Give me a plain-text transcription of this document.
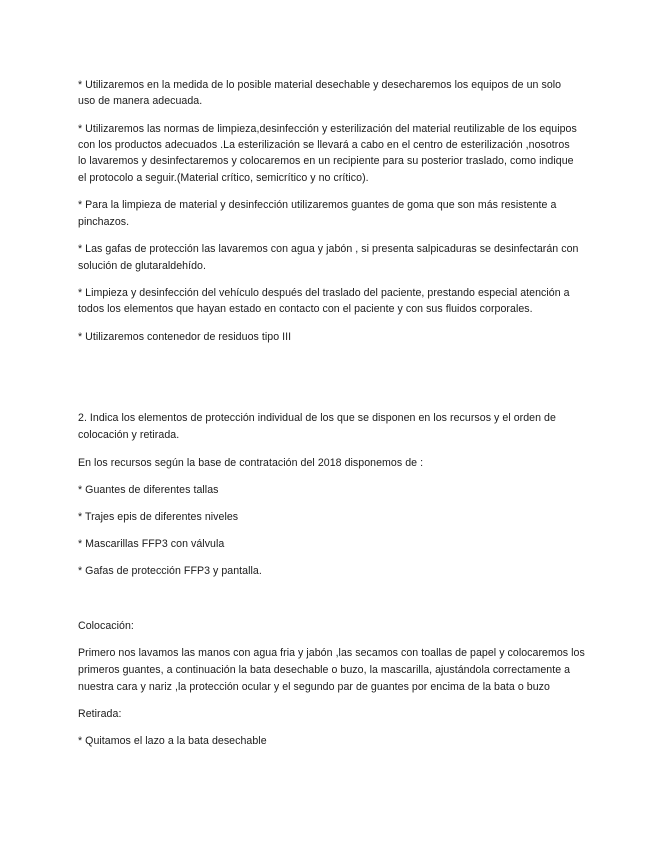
* Utilizaremos en la medida de lo posible material desechable y desecharemos los equipos de un solo
uso de manera adecuada.
* Utilizaremos las normas de limpieza,desinfección y esterilización del material reutilizable de los equipos
con los productos adecuados .La esterilización se llevará a cabo en el centro de esterilización ,nosotros
lo lavaremos y desinfectaremos y colocaremos en un recipiente para su posterior traslado, como indique
el protocolo a seguir.(Material crítico, semicrítico y no crítico).
* Para la limpieza de material y desinfección utilizaremos guantes de goma que son más resistente a
pinchazos.
* Las gafas de protección las lavaremos con agua y jabón , si presenta salpicaduras se desinfectarán con
solución de glutaraldehído.
* Limpieza y desinfección del vehículo después del traslado del paciente, prestando especial atención a
todos los elementos que hayan estado en contacto con el paciente y con sus fluidos corporales.
* Utilizaremos contenedor de residuos tipo III
2. Indica los elementos de protección individual de los que se disponen en los recursos y el orden de
colocación y retirada.
En los recursos según la base de contratación del 2018 disponemos de :
* Guantes de diferentes tallas
* Trajes epis de diferentes niveles
* Mascarillas FFP3 con válvula
* Gafas de protección FFP3 y pantalla.
Colocación:
Primero nos lavamos las manos con agua fria y jabón ,las secamos con toallas de papel y colocaremos los
primeros guantes, a continuación la bata desechable o buzo, la mascarilla, ajustándola correctamente a
nuestra cara y nariz ,la protección ocular y el segundo par de guantes por encima de la bata o buzo
Retirada:
* Quitamos el lazo a la bata desechable
